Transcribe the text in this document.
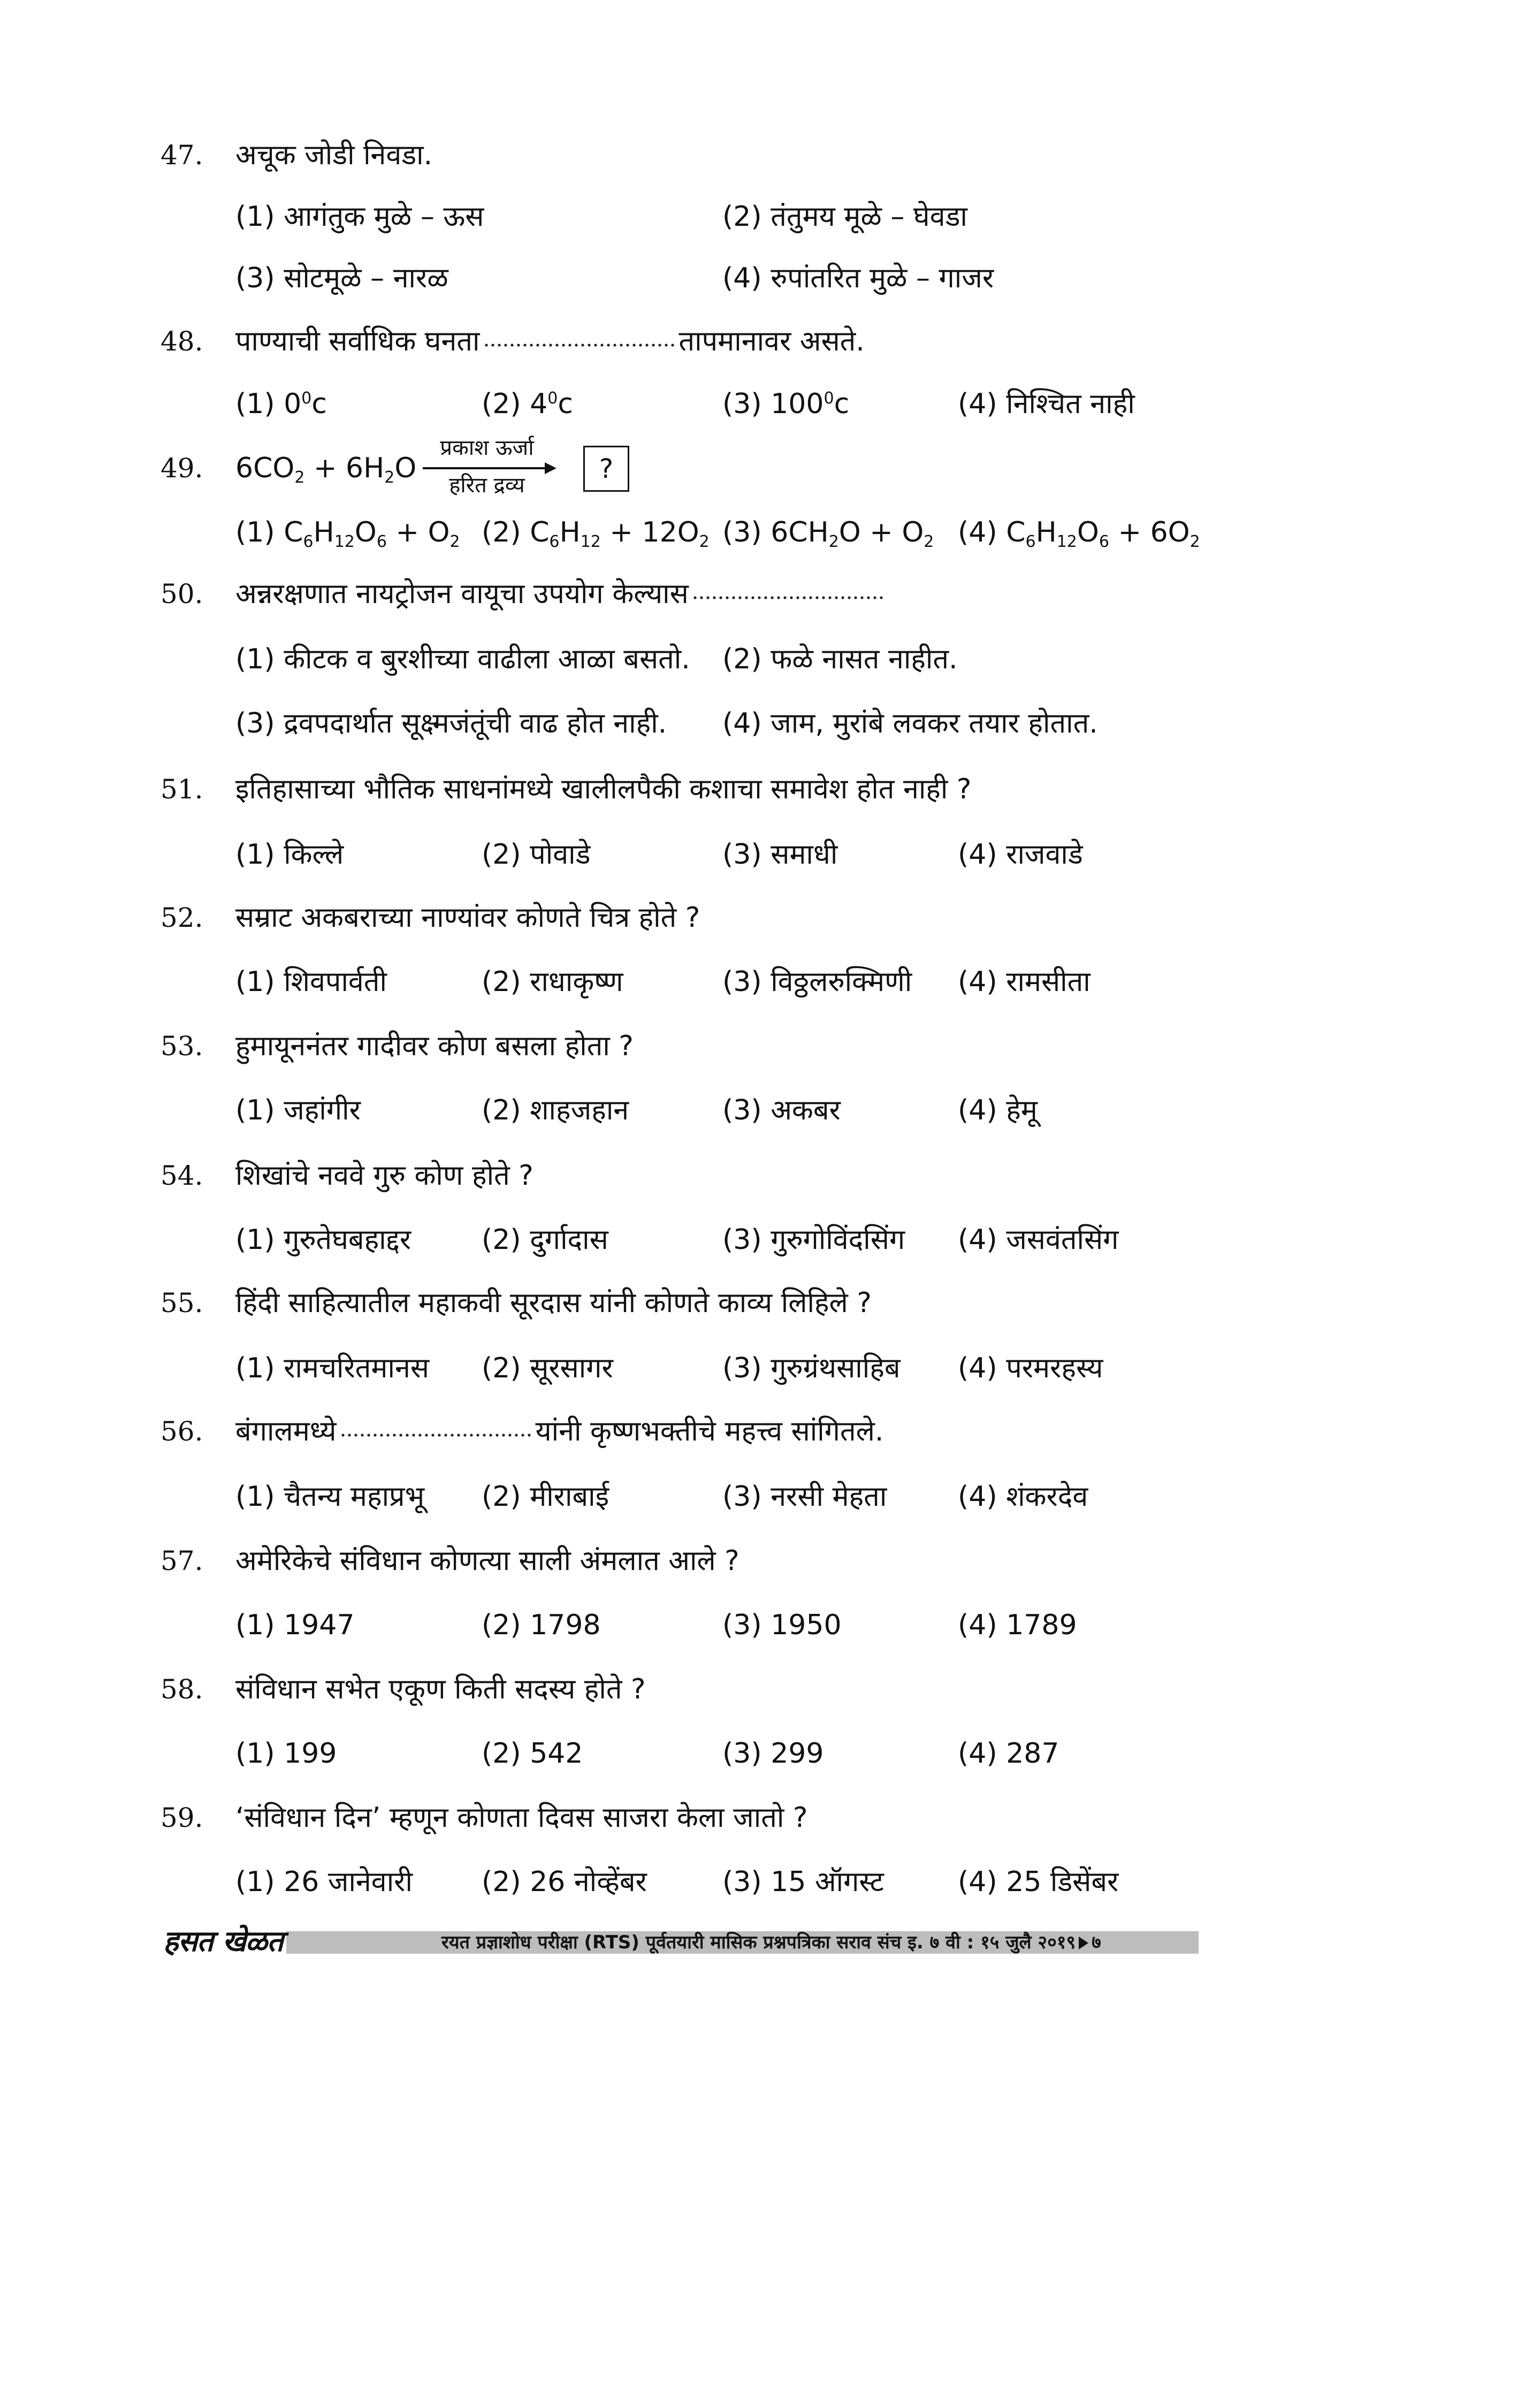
47.	अचूक जोडी निवडा.
(1) आगंतुक मुळे – ऊस	(2) तंतुमय मूळे – घेवडा
(3) सोटमूळे – नारळ	(4) रुपांतरित मुळे – गाजर
48.	पाण्याची सर्वाधिक घनता	तापमानावर असते.
(1) $0^0c$	(2) $4^0c$	(3) $100^0c$	(4) निश्चित नाही
49.	$6CO_2 + 6H_2O$
प्रकाश ऊर्जा
हरित द्रव्य
?
(1) $C_6H_{12}O_6 + O_2$ (2) $C_6H_{12} + 12O_2$ (3) $6CH_2O + O_2$ (4) $C_6H_{12}O_6 + 6O_2$
50.	अन्नरक्षणात नायट्रोजन वायूचा उपयोग केल्यास
(1) कीटक व बुरशीच्या वाढीला आळा बसतो. (2) फळे नासत नाहीत.
(3) द्रवपदार्थात सूक्ष्मजंतूंची वाढ होत नाही. (4) जाम, मुरांबे लवकर तयार होतात.
51.	इतिहासाच्या भौतिक साधनांमध्ये खालीलपैकी कशाचा समावेश होत नाही ?
(1) किल्ले	(2) पोवाडे	(3) समाधी	(4) राजवाडे
52.	सम्राट अकबराच्या नाण्यांवर कोणते चित्र होते ?
(1) शिवपार्वती	(2) राधाकृष्ण	(3) विठ्ठलरुक्मिणी (4) रामसीता
53.	हुमायूननंतर गादीवर कोण बसला होता ?
(1) जहांगीर	(2) शाहजहान	(3) अकबर	(4) हेमू
54.	शिखांचे नववे गुरु कोण होते ?
(1) गुरुतेघबहाद्दर	(2) दुर्गादास	(3) गुरुगोविंदसिंग (4) जसवंतसिंग
55.	हिंदी साहित्यातील महाकवी सूरदास यांनी कोणते काव्य लिहिले ?
(1) रामचरितमानस (2) सूरसागर	(3) गुरुग्रंथसाहिब (4) परमरहस्य
56.	बंगालमध्ये	यांनी कृष्णभक्तीचे महत्त्व सांगितले.
(1) चैतन्य महाप्रभू (2) मीराबाई	(3) नरसी मेहता	(4) शंकरदेव
57.	अमेरिकेचे संविधान कोणत्या साली अंमलात आले ?
(1) 1947	(2) 1798	(3) 1950	(4) 1789
58.	संविधान सभेत एकूण किती सदस्य होते ?
(1) 199	(2) 542	(3) 299	(4) 287
59.	‘संविधान दिन’ म्हणून कोणता दिवस साजरा केला जातो ?
(1) 26 जानेवारी (2) 26 नोव्हेंबर	(3) 15 ऑगस्ट	(4) 25 डिसेंबर
हसत खेळत	रयत प्रज्ञाशोध परीक्षा (RTS) पूर्वतयारी मासिक प्रश्नपत्रिका सराव संच इ. ७ वी : १५ जुलै २०१९ ७
